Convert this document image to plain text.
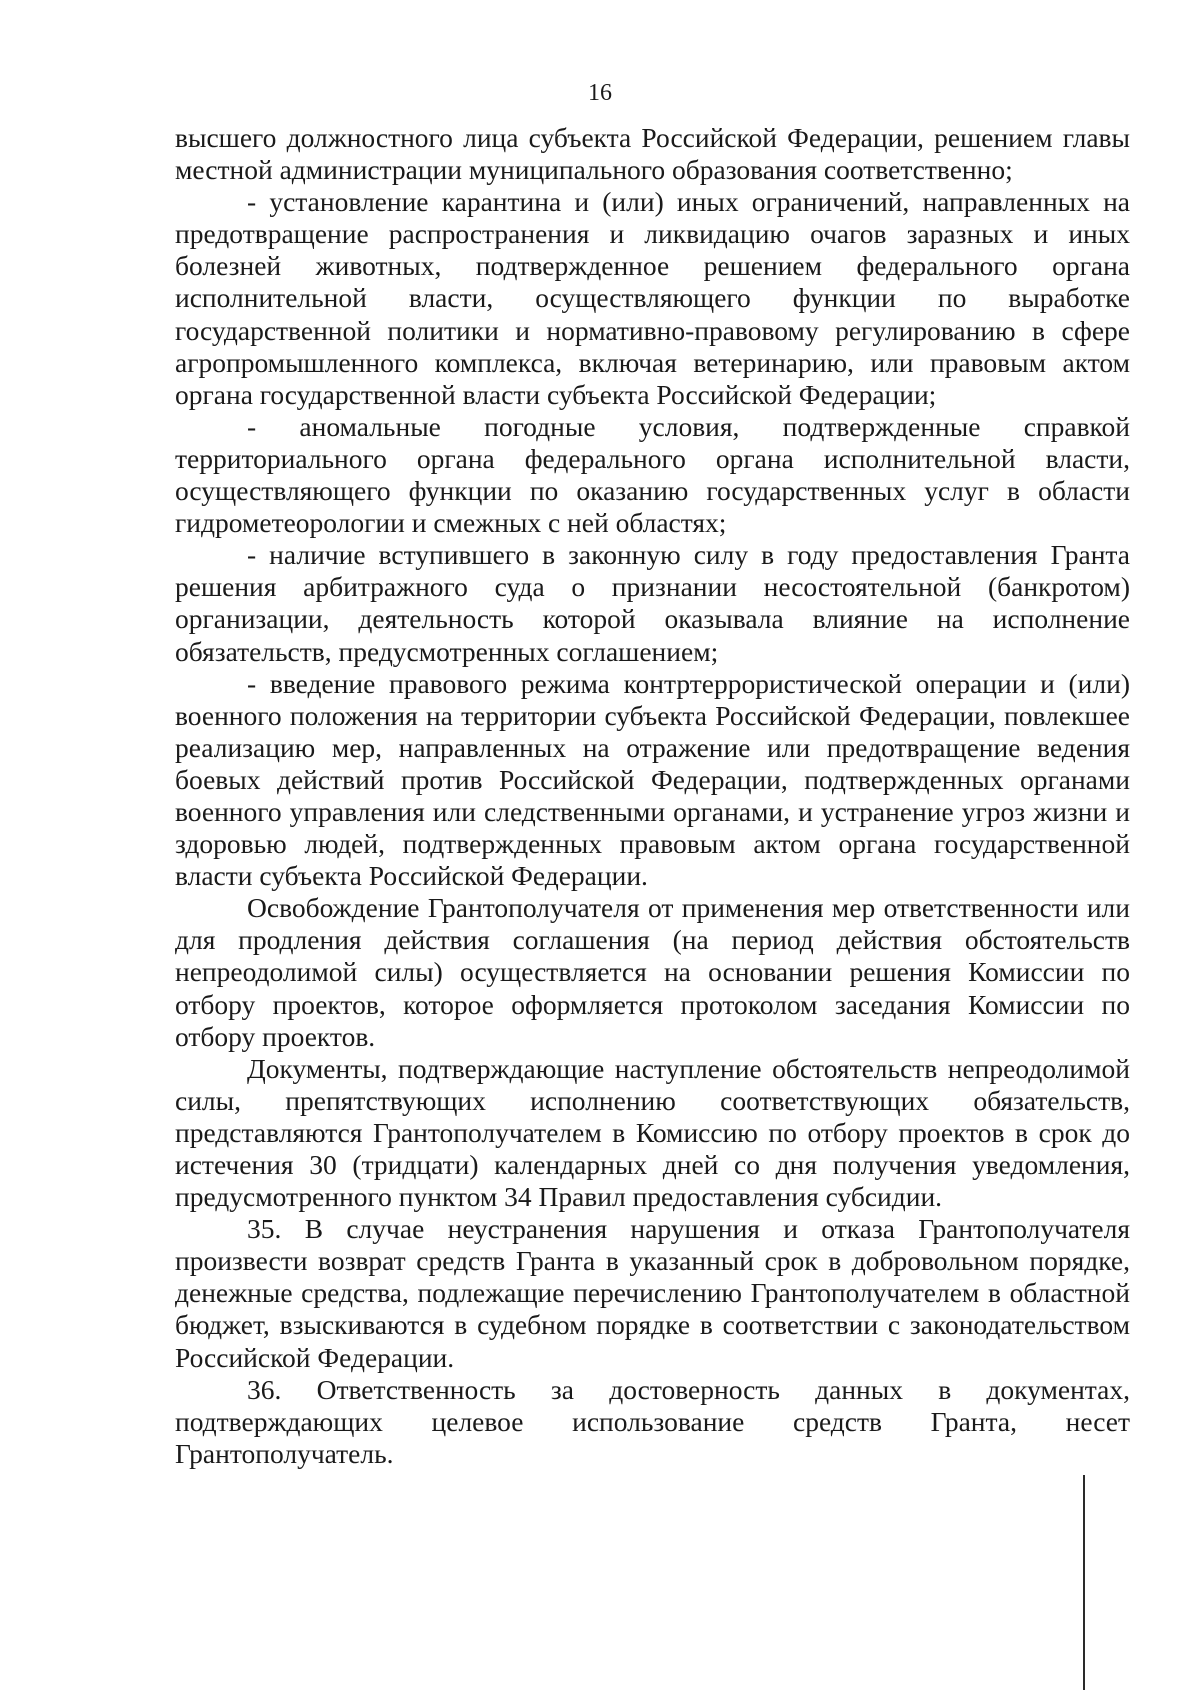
16

высшего должностного лица субъекта Российской Федерации, решением главы местной администрации муниципального образования соответственно;

- установление карантина и (или) иных ограничений, направленных на предотвращение распространения и ликвидацию очагов заразных и иных болезней животных, подтвержденное решением федерального органа исполнительной власти, осуществляющего функции по выработке государственной политики и нормативно-правовому регулированию в сфере агропромышленного комплекса, включая ветеринарию, или правовым актом органа государственной власти субъекта Российской Федерации;

- аномальные погодные условия, подтвержденные справкой территориального органа федерального органа исполнительной власти, осуществляющего функции по оказанию государственных услуг в области гидрометеорологии и смежных с ней областях;

- наличие вступившего в законную силу в году предоставления Гранта решения арбитражного суда о признании несостоятельной (банкротом) организации, деятельность которой оказывала влияние на исполнение обязательств, предусмотренных соглашением;

- введение правового режима контртеррористической операции и (или) военного положения на территории субъекта Российской Федерации, повлекшее реализацию мер, направленных на отражение или предотвращение ведения боевых действий против Российской Федерации, подтвержденных органами военного управления или следственными органами, и устранение угроз жизни и здоровью людей, подтвержденных правовым актом органа государственной власти субъекта Российской Федерации.

Освобождение Грантополучателя от применения мер ответственности или для продления действия соглашения (на период действия обстоятельств непреодолимой силы) осуществляется на основании решения Комиссии по отбору проектов, которое оформляется протоколом заседания Комиссии по отбору проектов.

Документы, подтверждающие наступление обстоятельств непреодолимой силы, препятствующих исполнению соответствующих обязательств, представляются Грантополучателем в Комиссию по отбору проектов в срок до истечения 30 (тридцати) календарных дней со дня получения уведомления, предусмотренного пунктом 34 Правил предоставления субсидии.

35. В случае неустранения нарушения и отказа Грантополучателя произвести возврат средств Гранта в указанный срок в добровольном порядке, денежные средства, подлежащие перечислению Грантополучателем в областной бюджет, взыскиваются в судебном порядке в соответствии с законодательством Российской Федерации.

36. Ответственность за достоверность данных в документах, подтверждающих целевое использование средств Гранта, несет Грантополучатель.
